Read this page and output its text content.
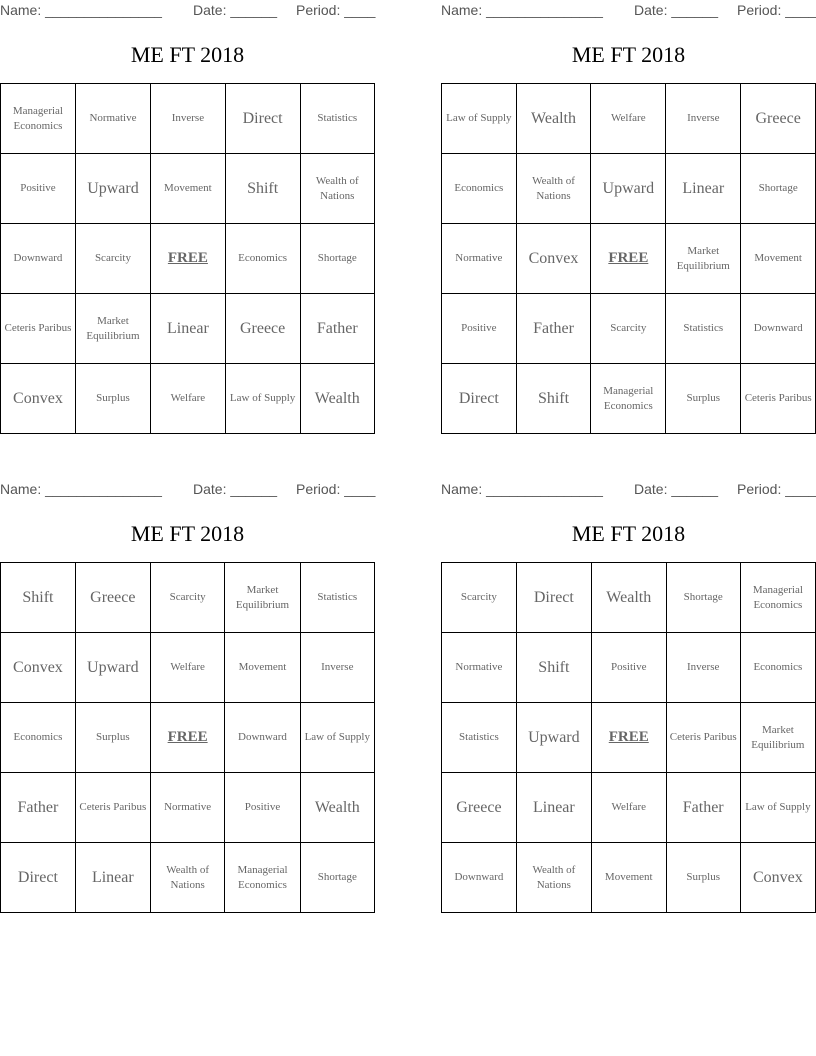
Name: _______________ Date: ______ Period: ____
ME FT 2018
Managerial Economics	Normative	Inverse	Direct	Statistics
Positive	Upward	Movement	Shift	Wealth of Nations
Downward	Scarcity	FREE	Economics	Shortage
Ceteris Paribus	Market Equilibrium	Linear	Greece	Father
Convex	Surplus	Welfare	Law of Supply	Wealth
Name: _______________ Date: ______ Period: ____
ME FT 2018
Law of Supply	Wealth	Welfare	Inverse	Greece
Economics	Wealth of Nations	Upward	Linear	Shortage
Normative	Convex	FREE	Market Equilibrium	Movement
Positive	Father	Scarcity	Statistics	Downward
Direct	Shift	Managerial Economics	Surplus	Ceteris Paribus
Name: _______________ Date: ______ Period: ____
ME FT 2018
Shift	Greece	Scarcity	Market Equilibrium	Statistics
Convex	Upward	Welfare	Movement	Inverse
Economics	Surplus	FREE	Downward	Law of Supply
Father	Ceteris Paribus	Normative	Positive	Wealth
Direct	Linear	Wealth of Nations	Managerial Economics	Shortage
Name: _______________ Date: ______ Period: ____
ME FT 2018
Scarcity	Direct	Wealth	Shortage	Managerial Economics
Normative	Shift	Positive	Inverse	Economics
Statistics	Upward	FREE	Ceteris Paribus	Market Equilibrium
Greece	Linear	Welfare	Father	Law of Supply
Downward	Wealth of Nations	Movement	Surplus	Convex
